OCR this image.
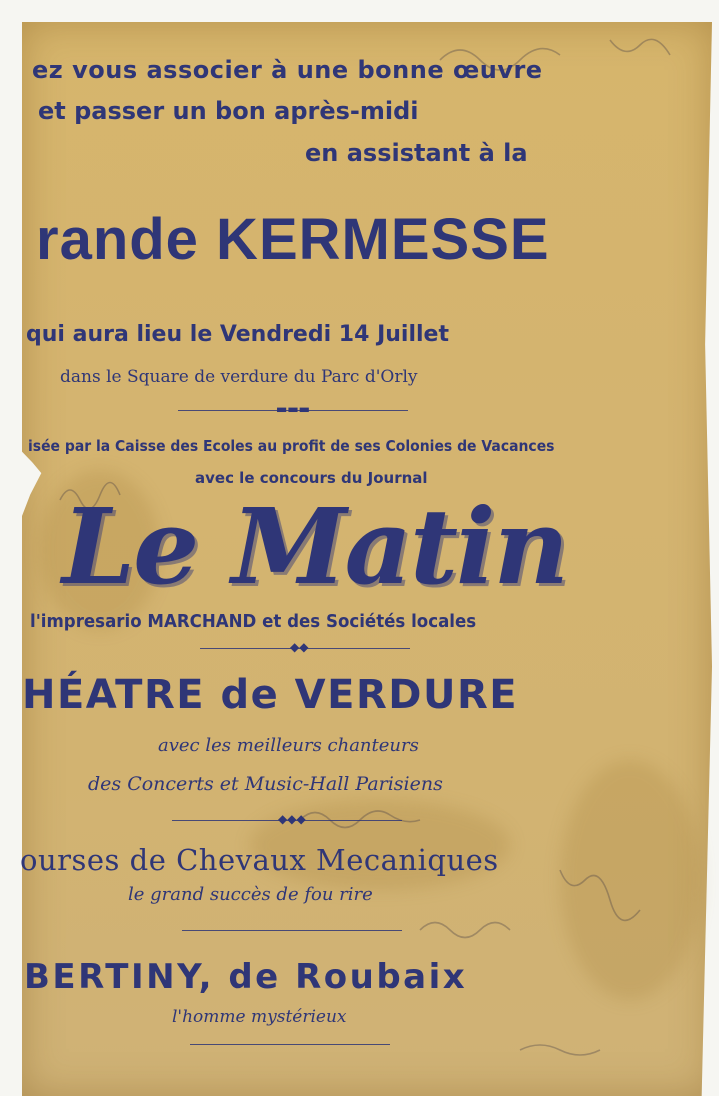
ez vous associer à une bonne œuvre
et passer un bon après-midi
en assistant à la
rande KERMESSE
qui aura lieu le Vendredi 14 Juillet
dans le Square de verdure du Parc d'Orly
▬▬▬
isée par la Caisse des Ecoles au profit de ses Colonies de Vacances
avec le concours du Journal
Le Matin
l'impresario MARCHAND et des Sociétés locales
◆◆
HÉATRE de VERDURE
avec les meilleurs chanteurs
des Concerts et Music-Hall Parisiens
◆◆◆
ourses de Chevaux Mecaniques
le grand succès de fou rire
BERTINY, de Roubaix
l'homme mystérieux
